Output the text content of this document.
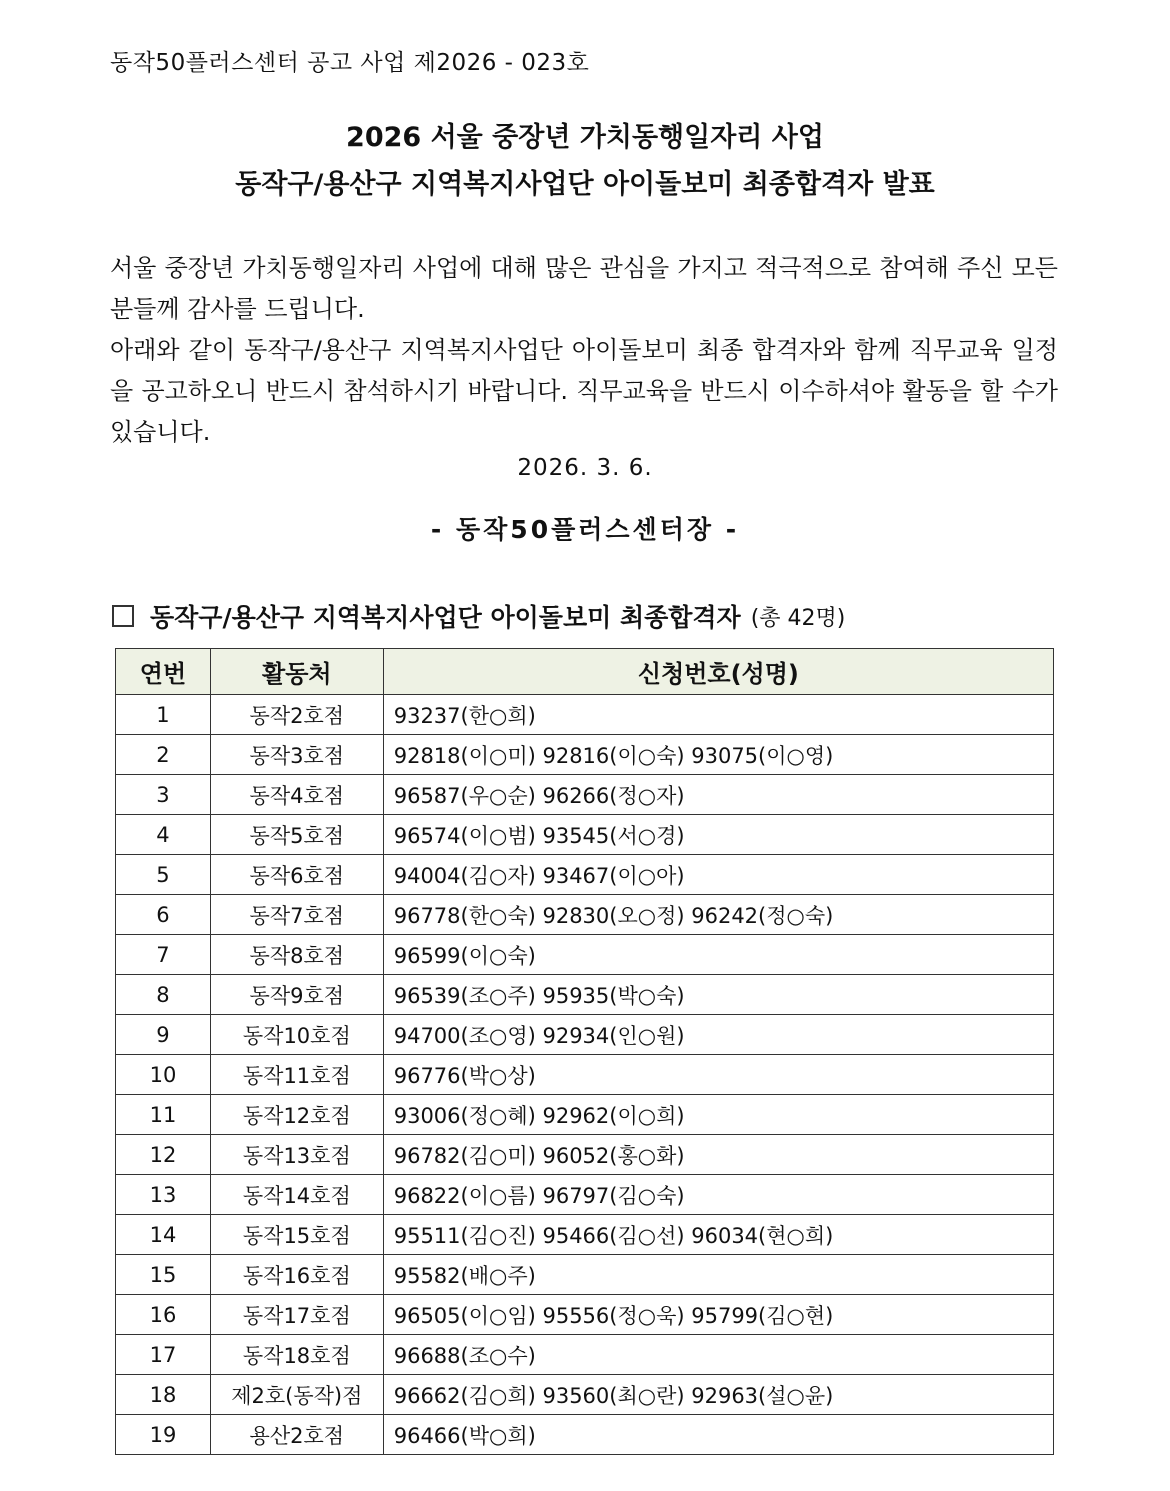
동작50플러스센터 공고 사업 제2026 - 023호
2026 서울 중장년 가치동행일자리 사업
동작구/용산구 지역복지사업단 아이돌보미 최종합격자 발표

서울 중장년 가치동행일자리 사업에 대해 많은 관심을 가지고 적극적으로 참여해 주신 모든 분들께 감사를 드립니다.

아래와 같이 동작구/용산구 지역복지사업단 아이돌보미 최종 합격자와 함께 직무교육 일정을 공고하오니 반드시 참석하시기 바랍니다. 직무교육을 반드시 이수하셔야 활동을 할 수가 있습니다.

2026. 3. 6.
- 동작50플러스센터장 -
동작구/용산구 지역복지사업단 아이돌보미 최종합격자 (총 42명)
연번	활동처	신청번호(성명)
1	동작2호점	93237(한○희)
2	동작3호점	92818(이○미) 92816(이○숙) 93075(이○영)
3	동작4호점	96587(우○순) 96266(정○자)
4	동작5호점	96574(이○범) 93545(서○경)
5	동작6호점	94004(김○자) 93467(이○아)
6	동작7호점	96778(한○숙) 92830(오○정) 96242(정○숙)
7	동작8호점	96599(이○숙)
8	동작9호점	96539(조○주) 95935(박○숙)
9	동작10호점	94700(조○영) 92934(인○원)
10	동작11호점	96776(박○상)
11	동작12호점	93006(정○혜) 92962(이○희)
12	동작13호점	96782(김○미) 96052(홍○화)
13	동작14호점	96822(이○름) 96797(김○숙)
14	동작15호점	95511(김○진) 95466(김○선) 96034(현○희)
15	동작16호점	95582(배○주)
16	동작17호점	96505(이○임) 95556(정○욱) 95799(김○현)
17	동작18호점	96688(조○수)
18	제2호(동작)점	96662(김○희) 93560(최○란) 92963(설○윤)
19	용산2호점	96466(박○희)
